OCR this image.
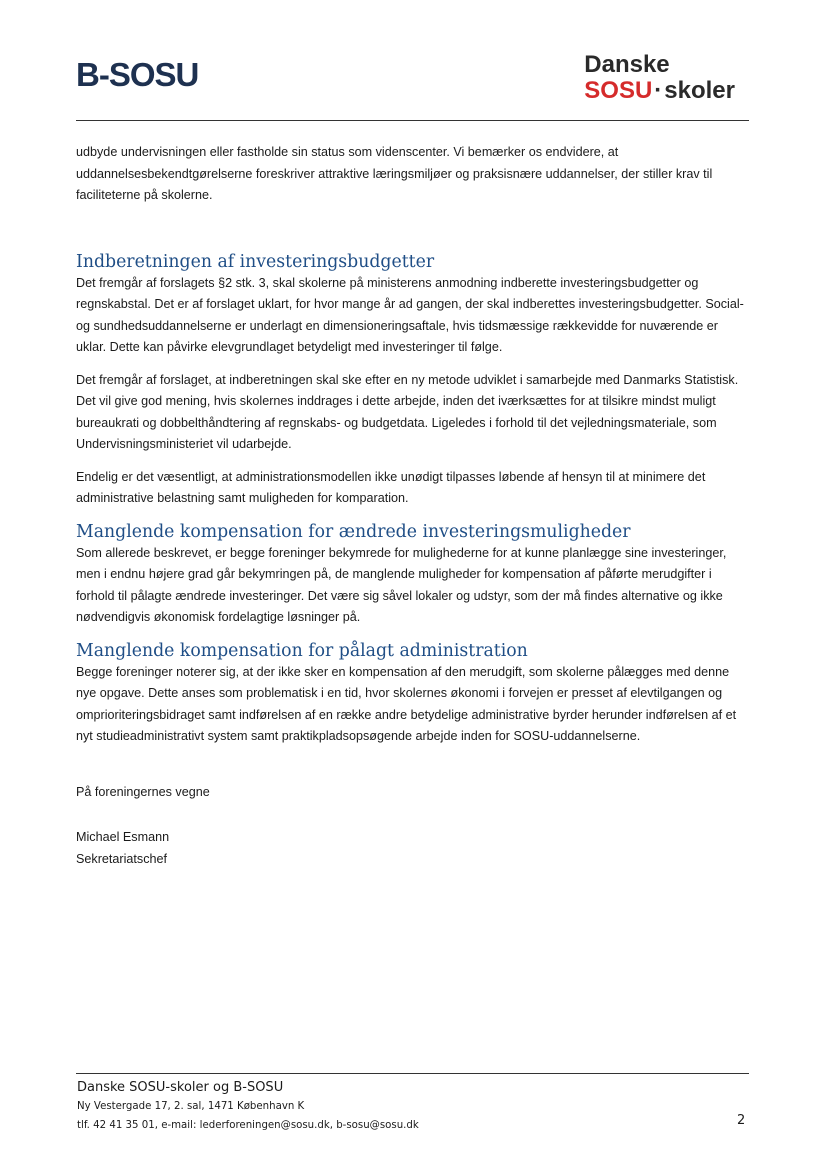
B-SOSU	Danske
SOSU·skoler

udbyde undervisningen eller fastholde sin status som videnscenter. Vi bemærker os endvidere, at uddannelsesbekendtgørelserne foreskriver attraktive læringsmiljøer og praksisnære uddannelser, der stiller krav til faciliteterne på skolerne.

Indberetningen af investeringsbudgetter

Det fremgår af forslagets §2 stk. 3, skal skolerne på ministerens anmodning indberette investeringsbudgetter og regnskabstal. Det er af forslaget uklart, for hvor mange år ad gangen, der skal indberettes investeringsbudgetter. Social- og sundhedsuddannelserne er underlagt en dimensioneringsaftale, hvis tidsmæssige rækkevidde for nuværende er uklar. Dette kan påvirke elevgrundlaget betydeligt med investeringer til følge.

Det fremgår af forslaget, at indberetningen skal ske efter en ny metode udviklet i samarbejde med Danmarks Statistisk. Det vil give god mening, hvis skolernes inddrages i dette arbejde, inden det iværksættes for at tilsikre mindst muligt bureaukrati og dobbelthåndtering af regnskabs- og budgetdata. Ligeledes i forhold til det vejledningsmateriale, som Undervisningsministeriet vil udarbejde.

Endelig er det væsentligt, at administrationsmodellen ikke unødigt tilpasses løbende af hensyn til at minimere det administrative belastning samt muligheden for komparation.

Manglende kompensation for ændrede investeringsmuligheder

Som allerede beskrevet, er begge foreninger bekymrede for mulighederne for at kunne planlægge sine investeringer, men i endnu højere grad går bekymringen på, de manglende muligheder for kompensation af påførte merudgifter i forhold til pålagte ændrede investeringer. Det være sig såvel lokaler og udstyr, som der må findes alternative og ikke nødvendigvis økonomisk fordelagtige løsninger på.

Manglende kompensation for pålagt administration

Begge foreninger noterer sig, at der ikke sker en kompensation af den merudgift, som skolerne pålægges med denne nye opgave. Dette anses som problematisk i en tid, hvor skolernes økonomi i forvejen er presset af elevtilgangen og omprioriteringsbidraget samt indførelsen af en række andre betydelige administrative byrder herunder indførelsen af et nyt studieadministrativt system samt praktikpladsopsøgende arbejde inden for SOSU-uddannelserne.

På foreningernes vegne

Michael Esmann
Sekretariatschef
Danske SOSU-skoler og B-SOSU
Ny Vestergade 17, 2. sal, 1471 København K
tlf. 42 41 35 01, e-mail: lederforeningen@sosu.dk, b-sosu@sosu.dk	2
